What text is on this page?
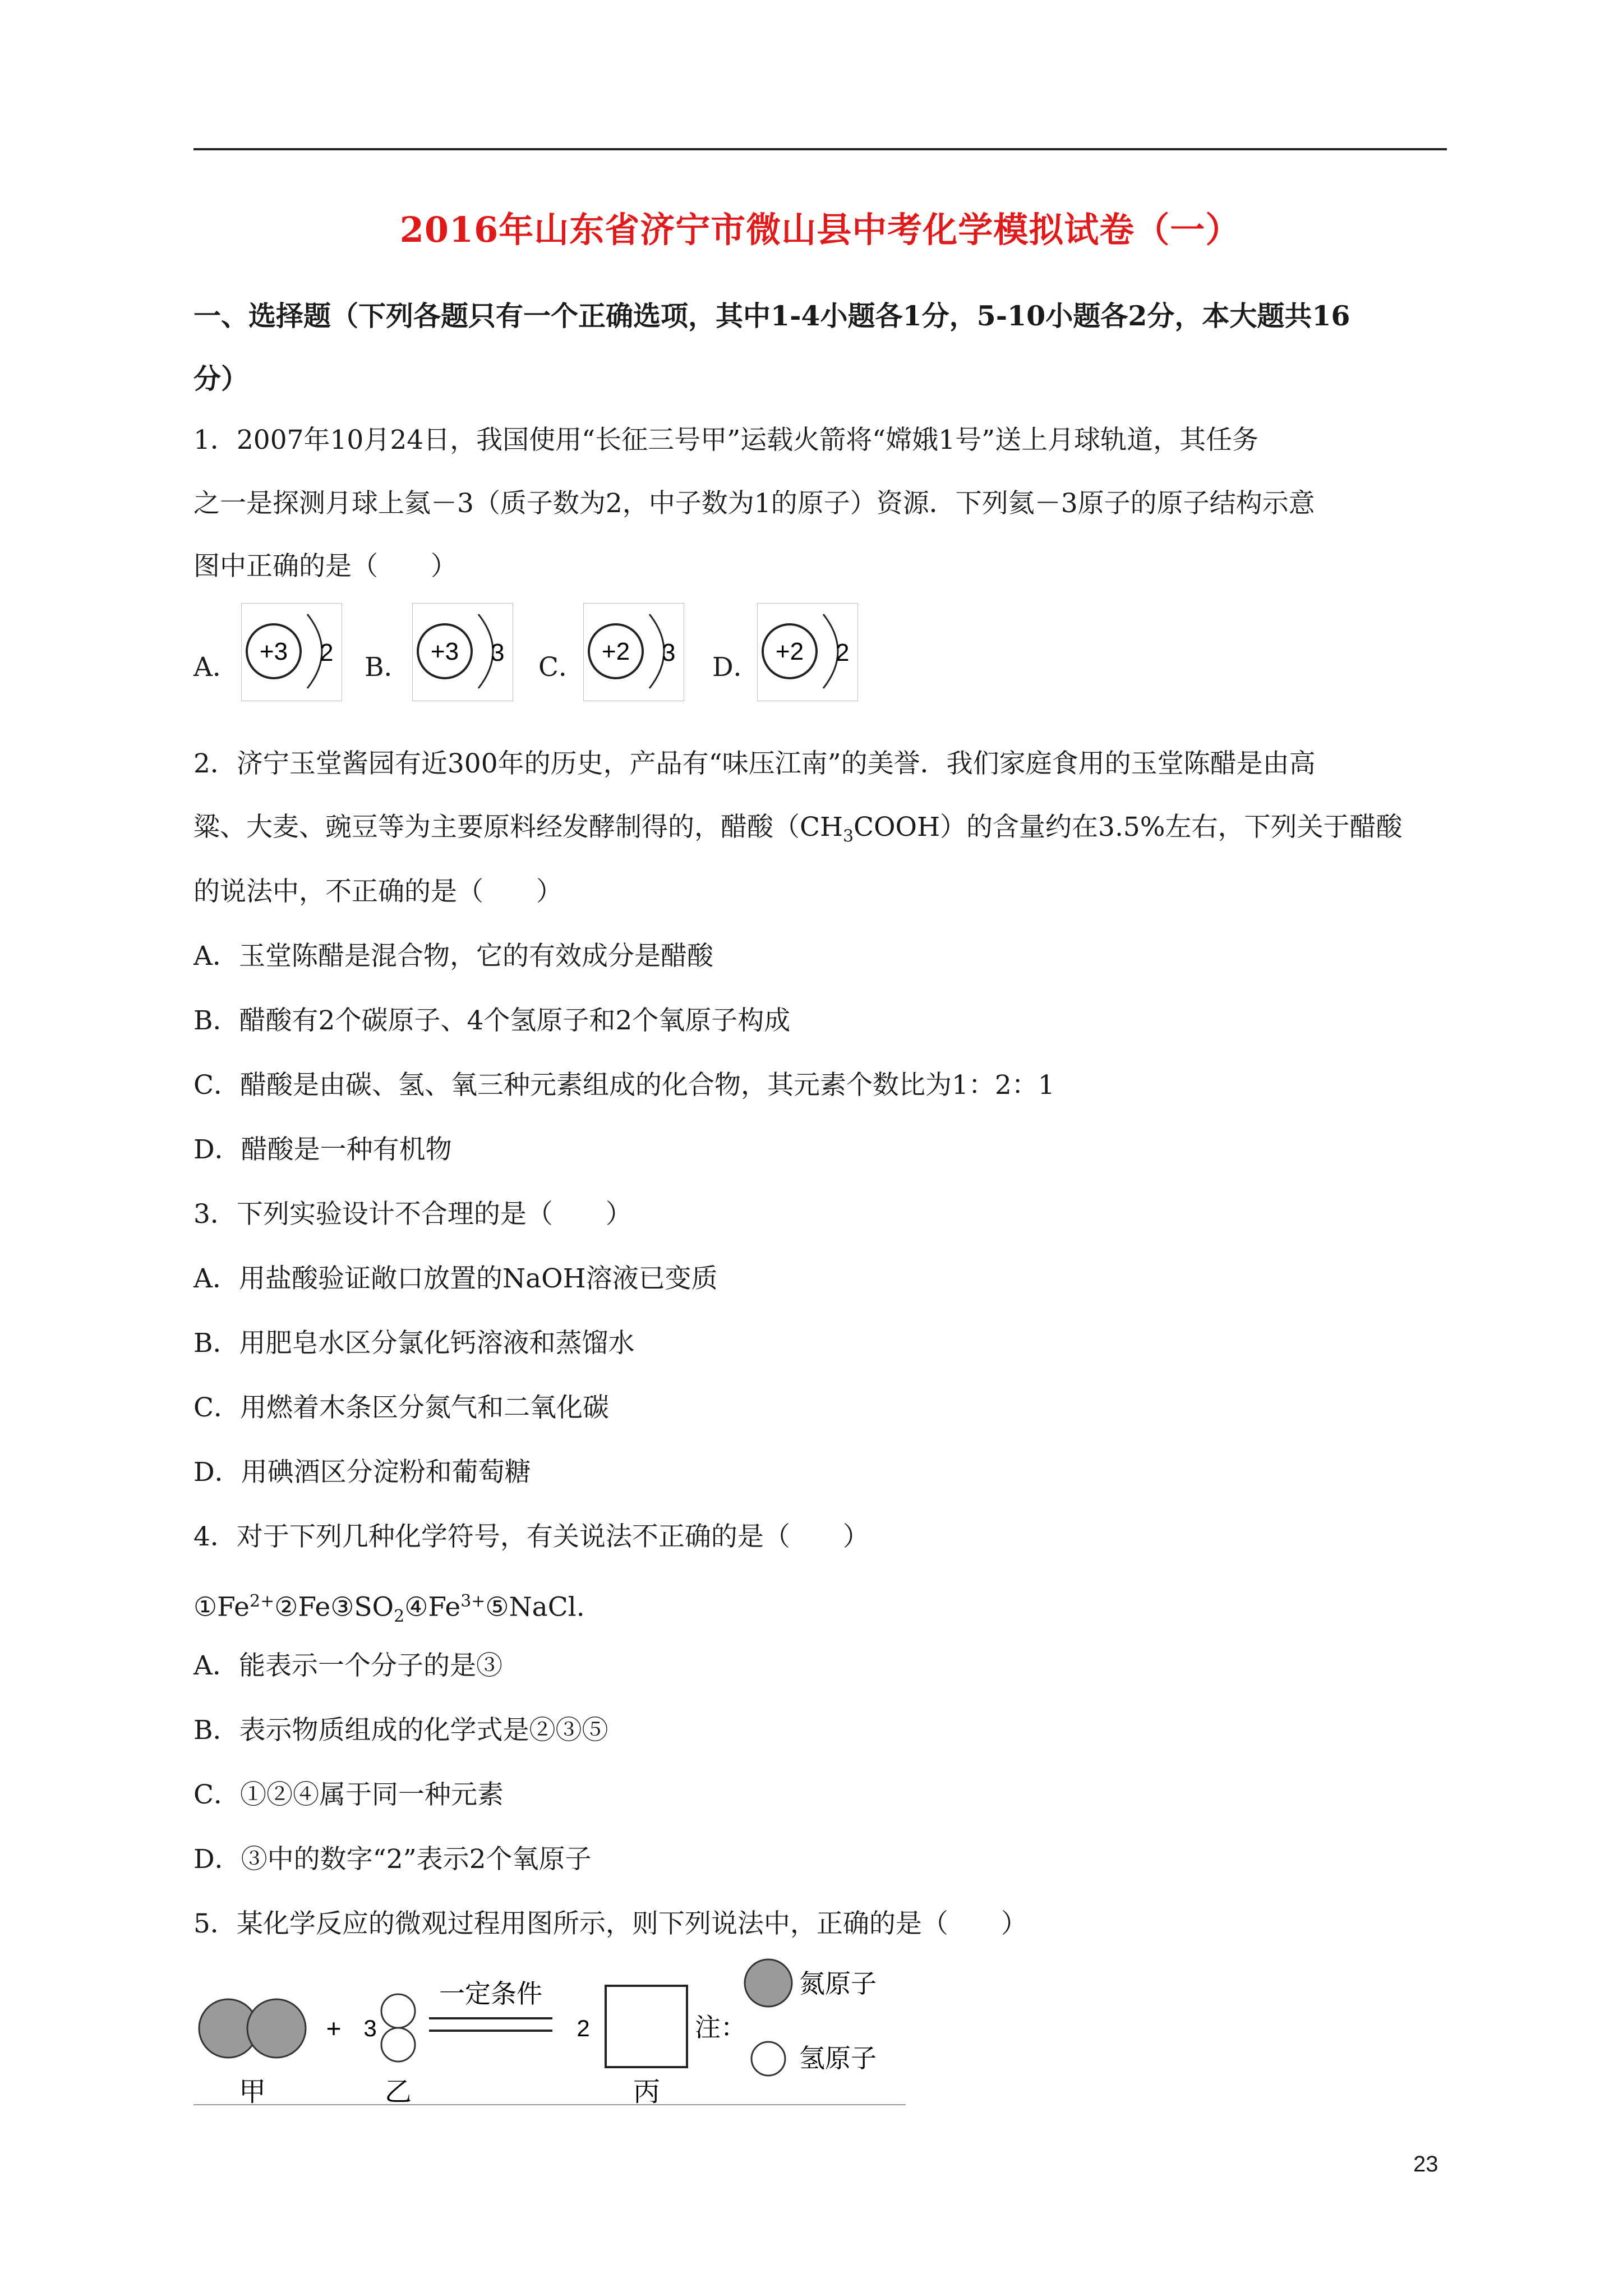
2016年山东省济宁市微山县中考化学模拟试卷（一）
一、选择题（下列各题只有一个正确选项，其中1-4小题各1分，5-10小题各2分，本大题共16
分）
1．2007年10月24日，我国使用“长征三号甲”运载火箭将“嫦娥1号”送上月球轨道，其任务
之一是探测月球上氦－3（质子数为2，中子数为1的原子）资源．下列氦－3原子的原子结构示意
图中正确的是（　　）
A．
+3 2 B．
+3 3 C．
+2 3 D．
+2 2
2．济宁玉堂酱园有近300年的历史，产品有“味压江南”的美誉．我们家庭食用的玉堂陈醋是由高
粱、大麦、豌豆等为主要原料经发酵制得的，醋酸$(CH_3COOH)$的含量约在3.5%左右，下列关于醋酸
的说法中，不正确的是（　　）
A．玉堂陈醋是混合物，它的有效成分是醋酸
B．醋酸有2个碳原子、4个氢原子和2个氧原子构成
C．醋酸是由碳、氢、氧三种元素组成的化合物，其元素个数比为1：2：1
D．醋酸是一种有机物
3．下列实验设计不合理的是（　　）
A．用盐酸验证敞口放置的NaOH溶液已变质
B．用肥皂水区分氯化钙溶液和蒸馏水
C．用燃着木条区分氮气和二氧化碳
D．用碘酒区分淀粉和葡萄糖
4．对于下列几种化学符号，有关说法不正确的是（　　）
$①Fe^{2+}②Fe③SO_2④Fe^{3+}⑤NaCl$.
A．能表示一个分子的是③
B．表示物质组成的化学式是②③⑤
C．①②④属于同一种元素
D．③中的数字“2”表示2个氧原子
5．某化学反应的微观过程用图所示，则下列说法中，正确的是（　　）
甲
+ 3
乙
一定条件
2
丙
注：
氮原子
氢原子
23
